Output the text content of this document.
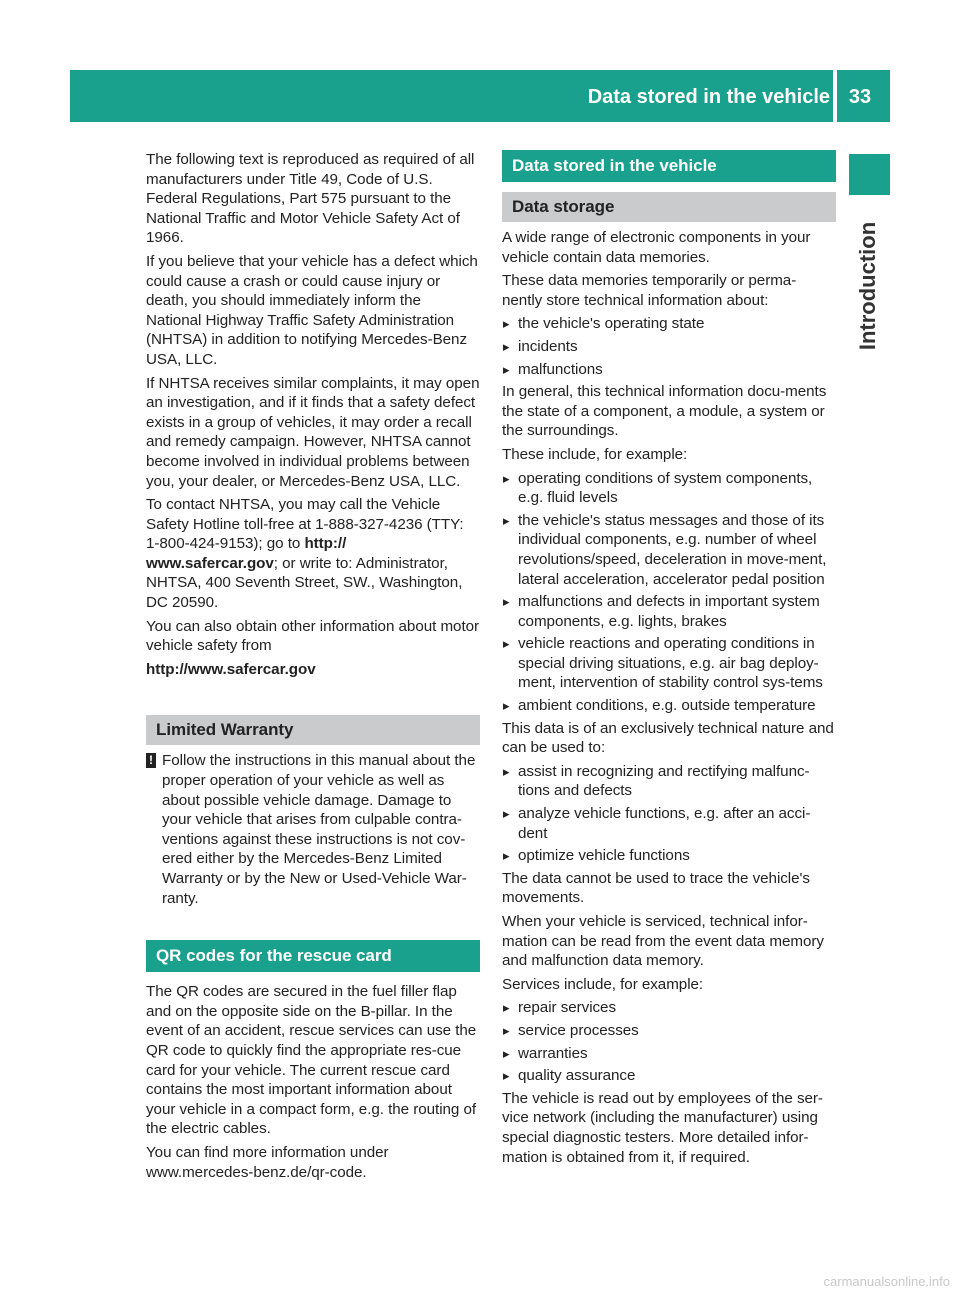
Data stored in the vehicle 33
Introduction

The following text is reproduced as required of all manufacturers under Title 49, Code of U.S. Federal Regulations, Part 575 pursuant to the National Traffic and Motor Vehicle Safety Act of 1966.

If you believe that your vehicle has a defect which could cause a crash or could cause injury or death, you should immediately inform the National Highway Traffic Safety Administration (NHTSA) in addition to notifying Mercedes-Benz USA, LLC.

If NHTSA receives similar complaints, it may open an investigation, and if it finds that a safety defect exists in a group of vehicles, it may order a recall and remedy campaign. However, NHTSA cannot become involved in individual problems between you, your dealer, or Mercedes-Benz USA, LLC.

To contact NHTSA, you may call the Vehicle Safety Hotline toll-free at 1-888-327-4236 (TTY: 1-800-424-9153); go to http:// www.safercar.gov; or write to: Administrator, NHTSA, 400 Seventh Street, SW., Washington, DC 20590.

You can also obtain other information about motor vehicle safety from

http://www.safercar.gov

Limited Warranty
! Follow the instructions in this manual about the proper operation of your vehicle as well as about possible vehicle damage. Damage to your vehicle that arises from culpable contra-ventions against these instructions is not cov-ered either by the Mercedes-Benz Limited Warranty or by the New or Used-Vehicle War-ranty.
QR codes for the rescue card

The QR codes are secured in the fuel filler flap and on the opposite side on the B-pillar. In the event of an accident, rescue services can use the QR code to quickly find the appropriate res-cue card for your vehicle. The current rescue card contains the most important information about your vehicle in a compact form, e.g. the routing of the electric cables.

You can find more information under www.mercedes-benz.de/qr-code.

Data stored in the vehicle
Data storage

A wide range of electronic components in your vehicle contain data memories.

These data memories temporarily or perma-nently store technical information about:

▸ the vehicle's operating state
▸ incidents
▸ malfunctions

In general, this technical information docu-ments the state of a component, a module, a system or the surroundings.

These include, for example:

▸ operating conditions of system components, e.g. fluid levels
▸ the vehicle's status messages and those of its individual components, e.g. number of wheel revolutions/speed, deceleration in move-ment, lateral acceleration, accelerator pedal position
▸ malfunctions and defects in important system components, e.g. lights, brakes
▸ vehicle reactions and operating conditions in special driving situations, e.g. air bag deploy-ment, intervention of stability control sys-tems
▸ ambient conditions, e.g. outside temperature

This data is of an exclusively technical nature and can be used to:

▸ assist in recognizing and rectifying malfunc-tions and defects
▸ analyze vehicle functions, e.g. after an acci-dent
▸ optimize vehicle functions

The data cannot be used to trace the vehicle's movements.

When your vehicle is serviced, technical infor-mation can be read from the event data memory and malfunction data memory.

Services include, for example:

▸ repair services
▸ service processes
▸ warranties
▸ quality assurance

The vehicle is read out by employees of the ser-vice network (including the manufacturer) using special diagnostic testers. More detailed infor-mation is obtained from it, if required.

carmanualsonline.info
